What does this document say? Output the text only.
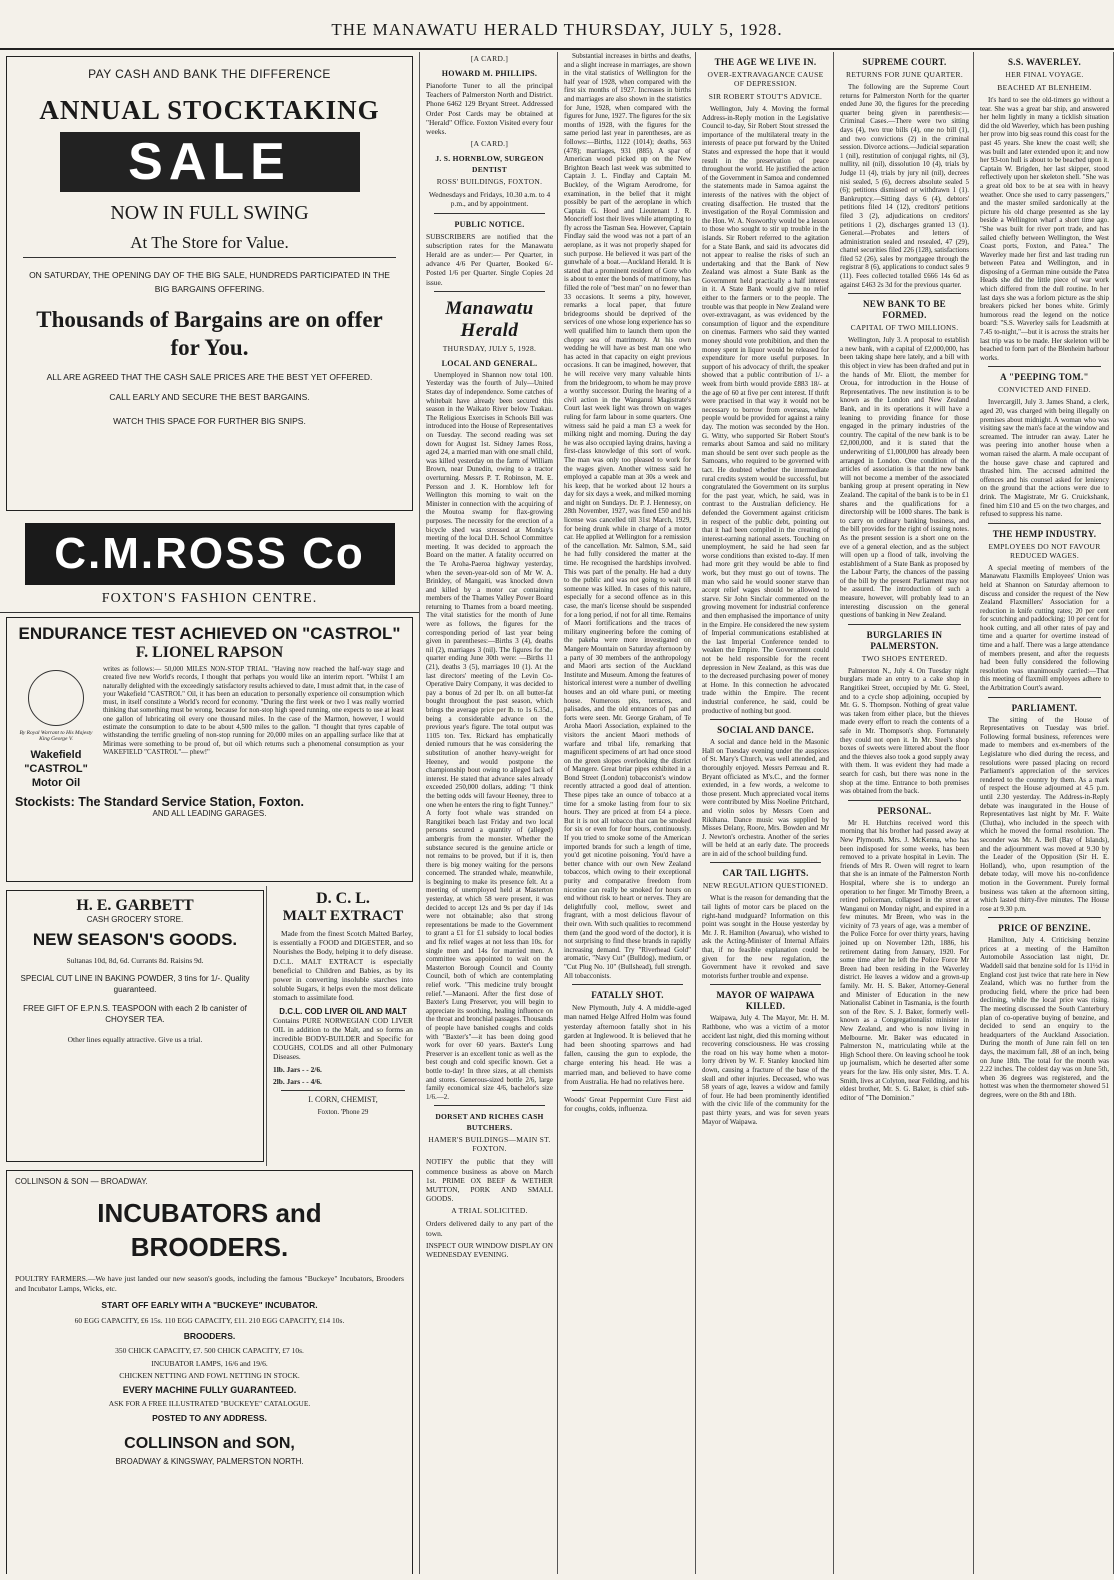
THE MANAWATU HERALD THURSDAY, JULY 5, 1928.
PAY CASH AND BANK THE DIFFERENCE
ANNUAL STOCKTAKING
SALE
NOW IN FULL SWING
At The Store for Value.
ON SATURDAY, THE OPENING DAY OF THE BIG SALE, HUNDREDS PARTICIPATED IN THE BIG BARGAINS OFFERING.
Thousands of Bargains are on offer for You.
ALL ARE AGREED THAT THE CASH SALE PRICES ARE THE BEST YET OFFERED.
CALL EARLY AND SECURE THE BEST BARGAINS.
WATCH THIS SPACE FOR FURTHER BIG SNIPS.
C.M.ROSS Co
FOXTON'S FASHION CENTRE.
ENDURANCE TEST ACHIEVED ON "CASTROL"
F. LIONEL RAPSON
By Royal Warrant to His Majesty King George V.
Wakefield "CASTROL" Motor Oil
writes as follows:— 50,000 MILES NON-STOP TRIAL. "Having now reached the half-way stage and created five new World's records, I thought that perhaps you would like an interim report. "Whilst I am naturally delighted with the exceedingly satisfactory results achieved to date, I must admit that, in the case of your Wakefield "CASTROL" Oil, it has been an education to personally experience oil consumption which must, in itself constitute a World's record for economy. "During the first week or two I was really worried thinking that something must be wrong, because for non-stop high speed running, one expects to use at least one gallon of lubricating oil every one thousand miles. In the case of the Marmon, however, I would estimate the consumption to date to be about 4,500 miles to the gallon. "I thought that tyres capable of withstanding the terrific grueling of non-stop running for 20,000 miles on an appalling surface like that at Mirimas were something to be proud of, but oil which returns such a phenomenal consumption as your WAKEFIELD "CASTROL"— phew!"
Stockists: The Standard Service Station, Foxton.
AND ALL LEADING GARAGES.
H. E. GARBETT
CASH GROCERY STORE.
NEW SEASON'S GOODS.
Sultanas 10d, 8d, 6d. Currants 8d. Raisins 9d.
SPECIAL CUT LINE IN BAKING POWDER, 3 tins for 1/-. Quality guaranteed.
FREE GIFT OF E.P.N.S. TEASPOON with each 2 lb canister of CHOYSER TEA.
Other lines equally attractive. Give us a trial.
D. C. L.
MALT EXTRACT
Made from the finest Scotch Malted Barley, is essentially a FOOD and DIGESTER, and so Nourishes the Body, helping it to defy disease. D.C.L. MALT EXTRACT is especially beneficial to Children and Babies, as by its power in converting insoluble starches into soluble Sugars, it helps even the most delicate stomach to assimilate food.
D.C.L. COD LIVER OIL AND MALT
Contains PURE NORWEGIAN COD LIVER OIL in addition to the Malt, and so forms an incredible BODY-BUILDER and Specific for COUGHS, COLDS and all other Pulmonary Diseases.
1lb. Jars - - 2/6.
2lb. Jars - - 4/6.
I. CORN, CHEMIST,
Foxton. 'Phone 29
COLLINSON & SON — BROADWAY.
INCUBATORS and BROODERS.
POULTRY FARMERS.—We have just landed our new season's goods, including the famous "Buckeye" Incubators, Brooders and Incubator Lamps, Wicks, etc.
START OFF EARLY WITH A "BUCKEYE" INCUBATOR.
60 EGG CAPACITY, £6 15s. 110 EGG CAPACITY, £11. 210 EGG CAPACITY, £14 10s.
BROODERS.
350 CHICK CAPACITY, £7. 500 CHICK CAPACITY, £7 10s.
INCUBATOR LAMPS, 16/6 and 19/6.
CHICKEN NETTING AND FOWL NETTING IN STOCK.
EVERY MACHINE FULLY GUARANTEED.
ASK FOR A FREE ILLUSTRATED "BUCKEYE" CATALOGUE.
POSTED TO ANY ADDRESS.
COLLINSON and SON,
BROADWAY & KINGSWAY, PALMERSTON NORTH.
[A CARD.]
HOWARD M. PHILLIPS.
Pianoforte Tuner to all the principal Teachers of Palmerston North and District. Phone 6462 129 Bryant Street. Addressed Order Post Cards may be obtained at "Herald" Office. Foxton Visited every four weeks.
[A CARD.]
J. S. HORNBLOW, SURGEON DENTIST
ROSS' BUILDINGS, FOXTON.
Wednesdays and Fridays, 10.30 a.m. to 4 p.m., and by appointment.
PUBLIC NOTICE.
SUBSCRIBERS are notified that the subscription rates for the Manawatu Herald are as under:— Per Quarter, in advance 4/6 Per Quarter, Booked 6/- Posted 1/6 per Quarter. Single Copies 2d issue.
Manawatu Herald
THURSDAY, JULY 5, 1928.
LOCAL AND GENERAL.
Unemployed in Shannon now total 100. Yesterday was the fourth of July—United States day of independence. Some catches of whitebait have already been secured this season in the Waikato River below Tuakau. The Religious Exercises in Schools Bill was introduced into the House of Representatives on Tuesday. The second reading was set down for August 1st. Sidney James Ross, aged 24, a married man with one small child, was killed yesterday on the farm of William Brown, near Dunedin, owing to a tractor overturning. Messrs P. T. Robinson, M. E. Persson and J. K. Hornblow left for Wellington this morning to wait on the Minister in connection with the acquiring of the Moutoa swamp for flax-growing purposes. The necessity for the erection of a bicycle shed was stressed at Monday's meeting of the local D.H. School Committee meeting. It was decided to approach the Board on the matter. A fatality occurred on the Te Aroha-Paeroa highway yesterday, when the seven-year-old son of Mr W. A. Brinkley, of Mangaiti, was knocked down and killed by a motor car containing members of the Thames Valley Power Board returning to Thames from a board meeting. The vital statistics for the month of June were as follows, the figures for the corresponding period of last year being given in parentheses:—Births 3 (4), deaths nil (2), marriages 3 (nil). The figures for the quarter ending June 30th were: —Births 11 (21), deaths 3 (5), marriages 10 (1). At the last directors' meeting of the Levin Co-Operative Dairy Company, it was decided to pay a bonus of 2d per lb. on all butter-fat bought throughout the past season, which brings the average price per lb. to 1s 6.35d., being a considerable advance on the previous year's figure. The total output was 1105 ton. Tex. Rickard has emphatically denied rumours that he was considering the substitution of another heavy-weight for Heeney, and would postpone the championship bout owing to alleged lack of interest. He stated that advance sales already exceeded 250,000 dollars, adding: "I think the betting odds will favour Heeney, three to one when he enters the ring to fight Tunney." A forty foot whale was stranded on Rangitikei beach last Friday and two local persons secured a quantity of (alleged) ambergris from the monster. Whether the substance secured is the genuine article or not remains to be proved, but if it is, then there is big money waiting for the persons concerned. The stranded whale, meanwhile, is beginning to make its presence felt. At a meeting of unemployed held at Masterton yesterday, at which 58 were present, it was decided to accept 12s and 9s per day if 14s were not obtainable; also that strong representations be made to the Government to grant a £1 for £1 subsidy to local bodies and fix relief wages at not less than 10s. for single men and 14s for married men. A committee was appointed to wait on the Masterton Borough Council and County Council, both of which are contemplating relief work. "This medicine truly brought relief."—Manaoni. After the first dose of Baxter's Lung Preserver, you will begin to appreciate its soothing, healing influence on the throat and bronchial passages. Thousands of people have banished coughs and colds with "Baxter's"—it has been doing good work for over 60 years. Baxter's Lung Preserver is an excellent tonic as well as the best cough and cold specific known. Get a bottle to-day! In three sizes, at all chemists and stores. Generous-sized bottle 2/6, large family economical size 4/6, bachelor's size 1/6.—2.
DORSET AND RICHES CASH BUTCHERS.
HAMER'S BUILDINGS—MAIN ST. FOXTON.
NOTIFY the public that they will commence business as above on March 1st. PRIME OX BEEF & WETHER MUTTON, PORK AND SMALL GOODS.
A TRIAL SOLICITED.
Orders delivered daily to any part of the town.
INSPECT OUR WINDOW DISPLAY ON WEDNESDAY EVENING.
Substantial increases in births and deaths, and a slight increase in marriages, are shown in the vital statistics of Wellington for the half year of 1928, when compared with the first six months of 1927. Increases in births and marriages are also shown in the statistics for June, 1928, when compared with the figures for June, 1927. The figures for the six months of 1928, with the figures for the same period last year in parentheses, are as follows:—Births, 1122 (1014); deaths, 563 (478); marriages, 931 (885). A spar of American wood picked up on the New Brighton Beach last week was submitted to Captain J. L. Findlay and Captain M. Buckley, of the Wigram Aerodrome, for examination, in the belief that it might possibly be part of the aeroplane in which Captain G. Hood and Lieutenant J. R. Moncrieff lost their lives while attempting to fly across the Tasman Sea. However, Captain Findlay said the wood was not a part of an aeroplane, as it was not properly shaped for such purpose. He believed it was part of the gunwhale of a boat.—Auckland Herald. It is stated that a prominent resident of Gore who is about to enter the bonds of matrimony, has filled the role of "best man" on no fewer than 33 occasions. It seems a pity, however, remarks a local paper, that future bridegrooms should be deprived of the services of one whose long experience has so well qualified him to launch them upon the choppy sea of matrimony. At his own wedding he will have as best man one who has acted in that capacity on eight previous occasions. It can be imagined, however, that he will receive very many valuable hints from the bridegroom, to whom he may prove a worthy successor. During the hearing of a civil action in the Wanganui Magistrate's Court last week light was thrown on wages ruling for farm labour in some quarters. One witness said he paid a man £3 a week for milking night and morning. During the day he was also occupied laying drains, having a first-class knowledge of this sort of work. The man was only too pleased to work for the wages given. Another witness said he employed a capable man at 30s a week and his keep, that he worked about 12 hours a day for six days a week, and milked morning and night on Sundays. Dr. P. J. Hennessy, on 28th November, 1927, was fined £50 and his license was cancelled till 31st March, 1929, for being drunk while in charge of a motor car. He applied at Wellington for a remission of the cancellation. Mr. Salmon, S.M., said he had fully considered the matter at the time. He recognised the hardships involved. This was part of the penalty. He had a duty to the public and was not going to wait till someone was killed. In cases of this nature, especially for a second offence as in this case, the man's license should be suspended for a long period, if not for all time. Remains of Maori fortifications and the traces of military engineering before the coming of the pakeha were more investigated on Mangere Mountain on Saturday afternoon by a party of 30 members of the anthropology and Maori arts section of the Auckland Institute and Museum. Among the features of historical interest were a number of dwelling houses and an old whare puni, or meeting house. Numerous pits, terraces, and palisades, and the old entrances of pas and forts were seen. Mr. George Graham, of Te Aroha Maori Association, explained to the visitors the ancient Maori methods of warfare and tribal life, remarking that magnificent specimens of art had once stood on the green slopes overlooking the district of Mangere. Great briar pipes exhibited in a Bond Street (London) tobacconist's window recently attracted a good deal of attention. These pipes take an ounce of tobacco at a time for a smoke lasting from four to six hours. They are priced at from £4 a piece. But it is not all tobacco that can be smoked for six or even for four hours, continuously. If you tried to smoke some of the American imported brands for such a length of time, you'd get nicotine poisoning. You'd have a better chance with our own New Zealand tobaccos, which owing to their exceptional purity and comparative freedom from nicotine can really be smoked for hours on end without risk to heart or nerves. They are delightfully cool, mellow, sweet and fragrant, with a most delicious flavour of their own. With such qualities to recommend them (and the good word of the doctor), it is not surprising to find these brands in rapidly increasing demand. Try "Riverhead Gold" aromatic, "Navy Cut" (Bulldog), medium, or "Cut Plug No. 10" (Bullshead), full strength. All tobacconists.
FATALLY SHOT.
New Plymouth, July 4. A middle-aged man named Helge Alfred Holm was found yesterday afternoon fatally shot in his garden at Inglewood. It is believed that he had been shooting sparrows and had fallen, causing the gun to explode, the charge entering his head. He was a married man, and believed to have come from Australia. He had no relatives here.
Woods' Great Peppermint Cure First aid for coughs, colds, influenza.
THE AGE WE LIVE IN.
OVER-EXTRAVAGANCE CAUSE OF DEPRESSION.
SIR ROBERT STOUT'S ADVICE.
Wellington, July 4. Moving the formal Address-in-Reply motion in the Legislative Council to-day, Sir Robert Stout stressed the importance of the multilateral treaty in the interests of peace put forward by the United States and expressed the hope that it would result in the preservation of peace throughout the world. He justified the action of the Government in Samoa and condemned the statements made in Samoa against the interests of the natives with the object of creating disaffection. He trusted that the investigation of the Royal Commission and the Hon. W. A. Nosworthy would be a lesson to those who sought to stir up trouble in the islands. Sir Robert referred to the agitation for a State Bank, and said its advocates did not appear to realise the risks of such an undertaking and that the Bank of New Zealand was almost a State Bank as the Government held practically a half interest in it. A State Bank would give no relief either to the farmers or to the people. The trouble was that people in New Zealand were over-extravagant, as was evidenced by the consumption of liquor and the expenditure on cinemas. Farmers who said they wanted money should vote prohibition, and then the money spent in liquor would be released for expenditure for more useful purposes. In support of his advocacy of thrift, the speaker showed that a public contribution of 1/- a week from birth would provide £883 18/- at the age of 60 at five per cent interest. If thrift were practised in that way it would not be necessary to borrow from overseas, while people would be provided for against a rainy day. The motion was seconded by the Hon. G. Witty, who supported Sir Robert Stout's remarks about Samoa and said no military man should be sent over such people as the Samoans, who required to be governed with tact. He doubted whether the intermediate rural credits system would be successful, but congratulated the Government on its surplus for the past year, which, he said, was in contrast to the Australian deficiency. He defended the Government against criticism in respect of the public debt, pointing out that it had been compiled in the creating of interest-earning national assets. Touching on unemployment, he said he had seen far worse conditions than existed to-day. If men had more grit they would be able to find work, but they must go out of towns. The man who said he would sooner starve than accept relief wages should be allowed to starve. Sir John Sinclair commented on the growing movement for industrial conference and then emphasised the importance of unity in the Empire. He considered the new system of Imperial communications established at the last Imperial Conference tended to weaken the Empire. The Government could not be held responsible for the recent depression in New Zealand, as this was due to the decreased purchasing power of money at Home. In this connection he advocated trade within the Empire. The recent industrial conference, he said, could be productive of nothing but good.
SOCIAL AND DANCE.
A social and dance held in the Masonic Hall on Tuesday evening under the auspices of St. Mary's Church, was well attended, and thoroughly enjoyed. Messrs Perreau and R. Bryant officiated as M's.C., and the former extended, in a few words, a welcome to those present. Much appreciated vocal items were contributed by Miss Noeline Pritchard, and violin solos by Messrs Coen and Rikihana. Dance music was supplied by Misses Delany, Roore, Mrs. Bowden and Mr J. Newton's orchestra. Another of the series will be held at an early date. The proceeds are in aid of the school building fund.
CAR TAIL LIGHTS.
NEW REGULATION QUESTIONED.
What is the reason for demanding that the tail lights of motor cars be placed on the right-hand mudguard? Information on this point was sought in the House yesterday by Mr. J. R. Hamilton (Awarua), who wished to ask the Acting-Minister of Internal Affairs that, if no feasible explanation could be given for the new regulation, the Government have it revoked and save motorists further trouble and expense.
MAYOR OF WAIPAWA KILLED.
Waipawa, July 4. The Mayor, Mr. H. M. Rathbone, who was a victim of a motor accident last night, died this morning without recovering consciousness. He was crossing the road on his way home when a motor-lorry driven by W. F. Stanley knocked him down, causing a fracture of the base of the skull and other injuries. Deceased, who was 58 years of age, leaves a widow and family of four. He had been prominently identified with the civic life of the community for the past thirty years, and was for seven years Mayor of Waipawa.
SUPREME COURT.
RETURNS FOR JUNE QUARTER.
The following are the Supreme Court returns for Palmerston North for the quarter ended June 30, the figures for the preceding quarter being given in parenthesis:— Criminal Cases.—There were two sitting days (4), two true bills (4), one no bill (1), and two convictions (2) in the criminal session. Divorce actions.—Judicial separation 1 (nil), restitution of conjugal rights, nil (3), nullity, nil (nil), dissolution 10 (4), trials by Judge 11 (4), trials by jury nil (nil), decrees nisi sealed, 5 (6), decrees absolute sealed 5 (6); petitions dismissed or withdrawn 1 (1). Bankruptcy.—Sitting days 6 (4), debtors' petitions filed 14 (12), creditors' petitions filed 3 (2), adjudications on creditors' petitions 1 (2), discharges granted 13 (1). General.—Probates and letters of administration sealed and resealed, 47 (29), chattel securities filed 226 (128), satisfactions filed 52 (26), sales by mortgagee through the registrar 8 (6), applications to conduct sales 9 (11). Fees collected totalled £666 14s 6d as against £463 2s 3d for the previous quarter.
NEW BANK TO BE FORMED.
CAPITAL OF TWO MILLIONS.
Wellington, July 3. A proposal to establish a new bank, with a capital of £2,000,000, has been taking shape here lately, and a bill with this object in view has been drafted and put in the hands of Mr. Eliott, the member for Oroua, for introduction in the House of Representatives. The new institution is to be known as the London and New Zealand Bank, and in its operations it will have a leaning to providing finance for those engaged in the primary industries of the country. The capital of the new bank is to be £2,000,000, and it is stated that the underwriting of £1,000,000 has already been arranged in London. One condition of the articles of association is that the new bank will not become a member of the associated banking group at present operating in New Zealand. The capital of the bank is to be in £1 shares and the qualifications for a directorship will be 1000 shares. The bank is to carry on ordinary banking business, and the bill provides for the right of issuing notes. As the present session is a short one on the eve of a general election, and as the subject will open up a flood of talk, involving the establishment of a State Bank as proposed by the Labour Party, the chances of the passing of the bill by the present Parliament may not be assured. The introduction of such a measure, however, will probably lead to an interesting discussion on the general questions of banking in New Zealand.
BURGLARIES IN PALMERSTON.
TWO SHOPS ENTERED.
Palmerston N., July 4. On Tuesday night burglars made an entry to a cake shop in Rangitikei Street, occupied by Mr. G. Steel, and to a cycle shop adjoining, occupied by Mr. G. S. Thompson. Nothing of great value was taken from either place, but the thieves made every effort to reach the contents of a safe in Mr. Thompson's shop. Fortunately they could not open it. In Mr. Steel's shop boxes of sweets were littered about the floor and the thieves also took a good supply away with them. It was evident they had made a search for cash, but there was none in the shop at the time. Entrance to both premises was obtained from the back.
PERSONAL.
Mr H. Hutchins received word this morning that his brother had passed away at New Plymouth. Mrs. J. McKenna, who has been indisposed for some weeks, has been removed to a private hospital in Levin. The friends of Mrs R. Owen will regret to learn that she is an inmate of the Palmerston North Hospital, where she is to undergo an operation to her finger. Mr Timothy Breen, a retired policeman, collapsed in the street at Wanganui on Monday night, and expired in a few minutes. Mr Breen, who was in the vicinity of 73 years of age, was a member of the Police Force for over thirty years, having joined up on November 12th, 1886, his retirement dating from January, 1920. For some time after he left the Police Force Mr Breen had been residing in the Waverley district. He leaves a widow and a grown-up family. Mr. H. S. Baker, Attorney-General and Minister of Education in the new Nationalist Cabinet in Tasmania, is the fourth son of the Rev. S. J. Baker, formerly well-known as a Congregationalist minister in New Zealand, and who is now living in Melbourne. Mr. Baker was educated in Palmerston N., matriculating while at the High School there. On leaving school he took up journalism, which he deserted after some years for the law. His only sister, Mrs. T. A. Smith, lives at Colyton, near Feilding, and his eldest brother, Mr. S. G. Baker, is chief sub-editor of "The Dominion."
S.S. WAVERLEY.
HER FINAL VOYAGE.
BEACHED AT BLENHEIM.
It's hard to see the old-timers go without a tear. She was a great bar ship, and answered her helm lightly in many a ticklish situation did the old Waverley, which has been pushing her prow into big seas round this coast for the past 45 years. She knew the coast well; she was built and later extended upon it; and now her 93-ton hull is about to be beached upon it. Captain W. Brigden, her last skipper, stood reflectively upon her skeleton shell. "She was a great old box to be at sea with in heavy weather. Once she used to carry passengers," and the master smiled sardonically at the picture his old charge presented as she lay beside a Wellington wharf a short time ago. "She was built for river port trade, and has sailed chiefly between Wellington, the West Coast ports, Foxton, and Patea." The Waverley made her first and last trading run between Patea and Wellington, and in disposing of a German mine outside the Patea Heads she did the little piece of war work which differed from the dull routine. In her last days she was a forlorn picture as the ship breakers picked her bones white. Grimly humorous read the legend on the notice board: "S.S. Waverley sails for Leadsmith at 7.45 to-night,"—but it is across the straits her last trip was to be made. Her skeleton will be beached to form part of the Blenheim harbour works.
A "PEEPING TOM."
CONVICTED AND FINED.
Invercargill, July 3. James Shand, a clerk, aged 20, was charged with being illegally on premises about midnight. A woman who was visiting saw the man's face at the window and screamed. The intruder ran away. Later he was peering into another house when a woman raised the alarm. A male occupant of the house gave chase and captured and thrashed him. The accused admitted the offences and his counsel asked for leniency on the ground that the actions were due to drink. The Magistrate, Mr G. Cruickshank, fined him £10 and £5 on the two charges, and refused to suppress his name.
THE HEMP INDUSTRY.
EMPLOYEES DO NOT FAVOUR REDUCED WAGES.
A special meeting of members of the Manawatu Flaxmills Employees' Union was held at Shannon on Saturday afternoon to discuss and consider the request of the New Zealand Flaxmillers' Association for a reduction in knife cutting rates; 20 per cent for scutching and paddocking; 10 per cent for hook cutting, and all other rates of pay and time and a quarter for overtime instead of time and a half. There was a large attendance of members present, and after the requests had been fully considered the following resolution was unanimously carried:—That this meeting of flaxmill employees adhere to the Arbitration Court's award.
PARLIAMENT.
The sitting of the House of Representatives on Tuesday was brief. Following formal business, references were made to members and ex-members of the Legislature who died during the recess, and resolutions were passed placing on record Parliament's appreciation of the services rendered to the country by them. As a mark of respect the House adjourned at 4.5 p.m. until 2.30 yesterday. The Address-in-Reply debate was inaugurated in the House of Representatives last night by Mr. F. Waite (Clutha), who included in the speech with which he moved the formal resolution. The seconder was Mr. A. Bell (Bay of Islands), and the adjournment was moved at 9.30 by the Leader of the Opposition (Sir H. E. Holland), who, upon resumption of the debate today, will move his no-confidence motion in the Government. Purely formal business was taken at the afternoon sitting, which lasted thirty-five minutes. The House rose at 9.30 p.m.
PRICE OF BENZINE.
Hamilton, July 4. Criticising benzine prices at a meeting of the Hamilton Automobile Association last night, Dr. Waddell said that benzine sold for 1s 11½d in England cost just twice that rate here in New Zealand, which was no further from the producing field, where the price had been declining, while the local price was rising. The meeting discussed the South Canterbury plan of co-operative buying of benzine, and decided to send an enquiry to the headquarters of the Auckland Association. During the month of June rain fell on ten days, the maximum fall, .88 of an inch, being on June 18th. The total for the month was 2.22 inches. The coldest day was on June 5th, when 36 degrees was registered, and the hottest was when the thermometer showed 51 degrees, were on the 8th and 18th.
